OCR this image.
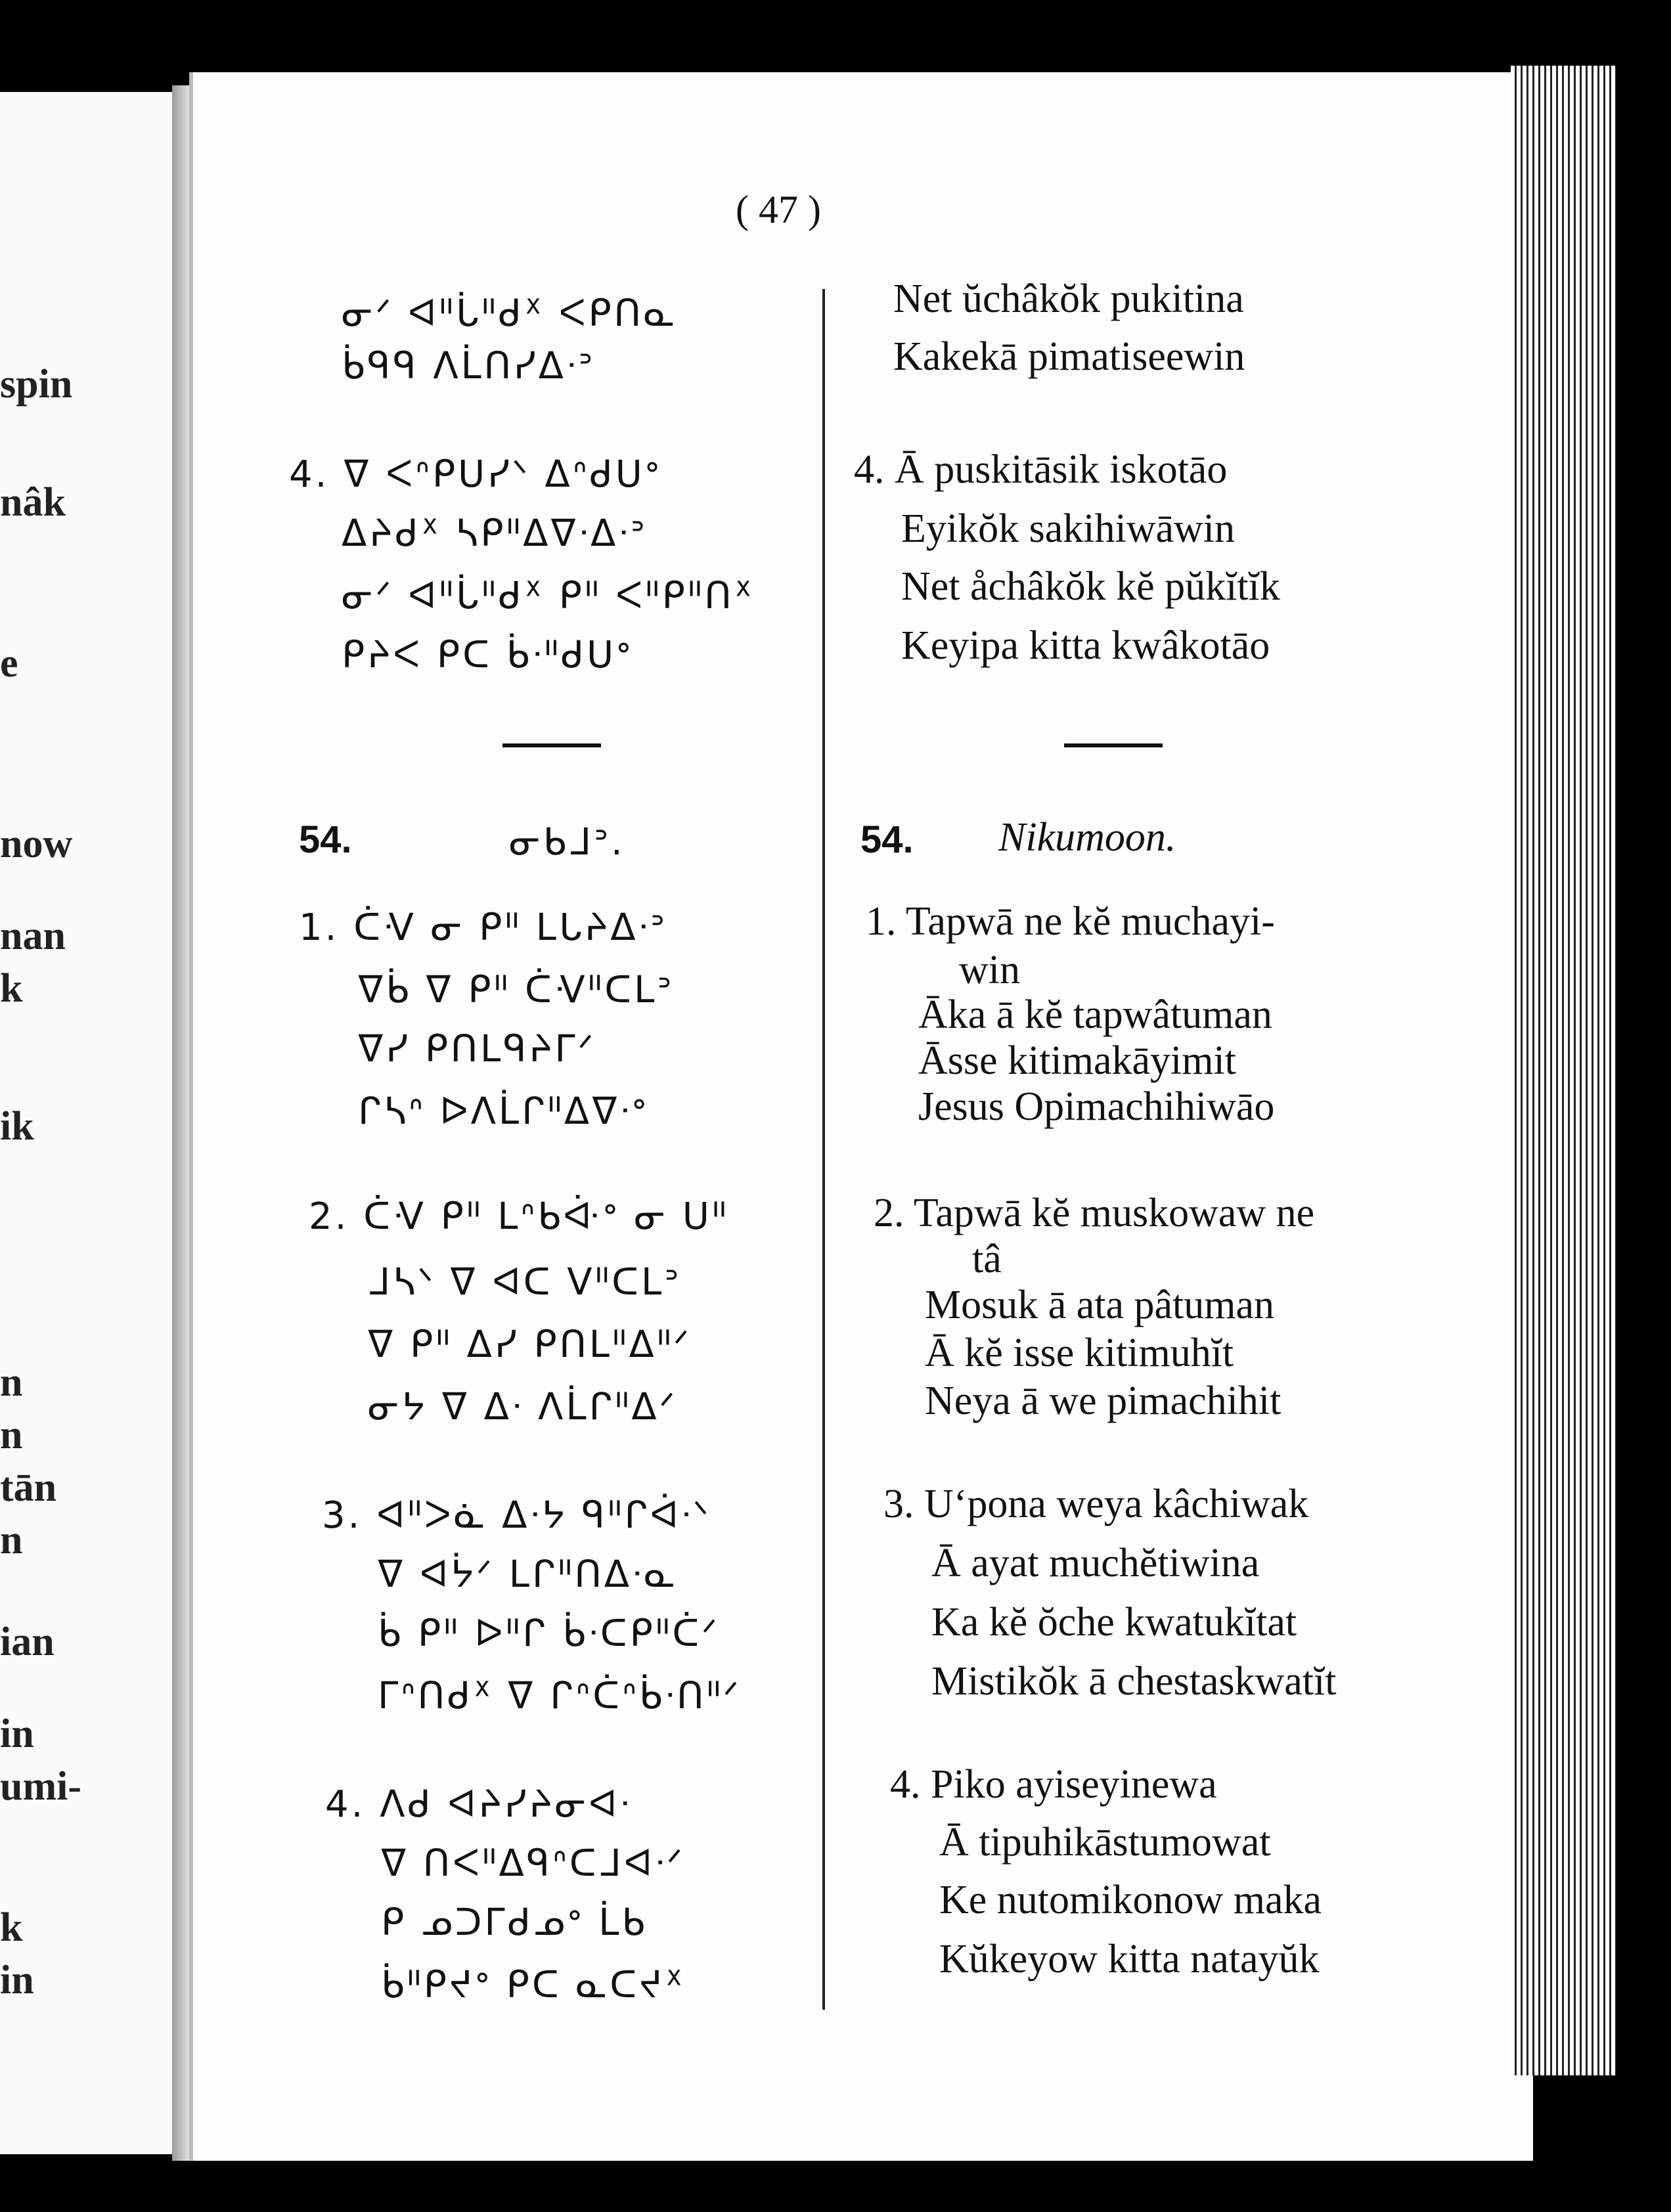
spin
nâk
e
now
nan
k
ik
n
n
tān
n
ian
in
umi-
k
in
( 47 )
ᓂᐟ ᐊᐦᒑᐦᑯᕽ ᐸᑭᑎᓇ
ᑳᑫᑫ ᐱᒫᑎᓯᐃᐧᐣ
4. ᐁ ᐸᐢᑭᑌᓯᐠ ᐃᐢᑯᑌᐤ
ᐃᔨᑯᕽ ᓴᑭᐦᐃᐁᐧᐃᐧᐣ
ᓂᐟ ᐊᐦᒑᐦᑯᕽ ᑭᐦ ᐸᐦᑭᐦᑎᕽ
ᑭᔨᐸ ᑭᑕ ᑳᐧᐦᑯᑌᐤ
54.	ᓂᑲᒧᐣ.
1. ᑖᐺ ᓂ ᑭᐦ ᒪᒐᔨᐃᐧᐣ
ᐁᑳ ᐁ ᑭᐦ ᑖᐺᐦᑕᒪᐣ
ᐁᓯ ᑭᑎᒪᑫᔨᒥᐟ
ᒋᓴᐢ ᐅᐱᒫᒋᐦᐃᐁᐧᐤ
2. ᑖᐺ ᑭᐦ ᒪᐢᑲᐚᐤ ᓂ ᑌᐦ
ᒧᓴᐠ ᐁ ᐊᑕ ᐯᐦᑕᒪᐣ
ᐁ ᑭᐦ ᐃᓯ ᑭᑎᒪᐦᐃᐦᐟ
ᓂᔭ ᐁ ᐃᐧ ᐱᒫᒋᐦᐃᐟ
3. ᐊᐦᐳᓈ ᐃᐧᔭ ᑫᐦᒋᐋᐧᐠ
ᐁ ᐊᔮᐟ ᒪᒋᐦᑎᐃᐧᓇ
ᑳ ᑭᐦ ᐅᐦᒋ ᑳᐧᑕᑭᐦᑖᐟ
ᒥᐢᑎᑯᕽ ᐁ ᒋᐢᑖᐢᑳᐧᑎᐦᐟ
4. ᐱᑯ ᐊᔨᓯᔨᓂᐊᐧ
ᐁ ᑎᐸᐦᐃᑫᐢᑕᒧᐊᐧᐟ
ᑭ ᓄᑐᒥᑯᓄᐤ ᒫᑲ
ᑳᐦᑭᔪᐤ ᑭᑕ ᓇᑕᔪᕽ
Net ŭchâkŏk pukitina
Kakekā pimatiseewin
4. Ā puskitāsik iskotāo
Eyikŏk sakihiwāwin
Net åchâkŏk kĕ pŭkĭtĭk
Keyipa kitta kwâkotāo
54. Nikumoon.
1. Tapwā ne kĕ muchayi-
win
Āka ā kĕ tapwâtuman
Āsse kitimakāyimit
Jesus Opimachihiwāo
2. Tapwā kĕ muskowaw ne
tâ
Mosuk ā ata pâtuman
Ā kĕ isse kitimuhĭt
Neya ā we pimachihit
3. U‘pona weya kâchiwak
Ā ayat muchĕtiwina
Ka kĕ ŏche kwatukĭtat
Mistikŏk ā chestaskwatĭt
4. Piko ayiseyinewa
Ā tipuhikāstumowat
Ke nutomikonow maka
Kŭkeyow kitta natayŭk
